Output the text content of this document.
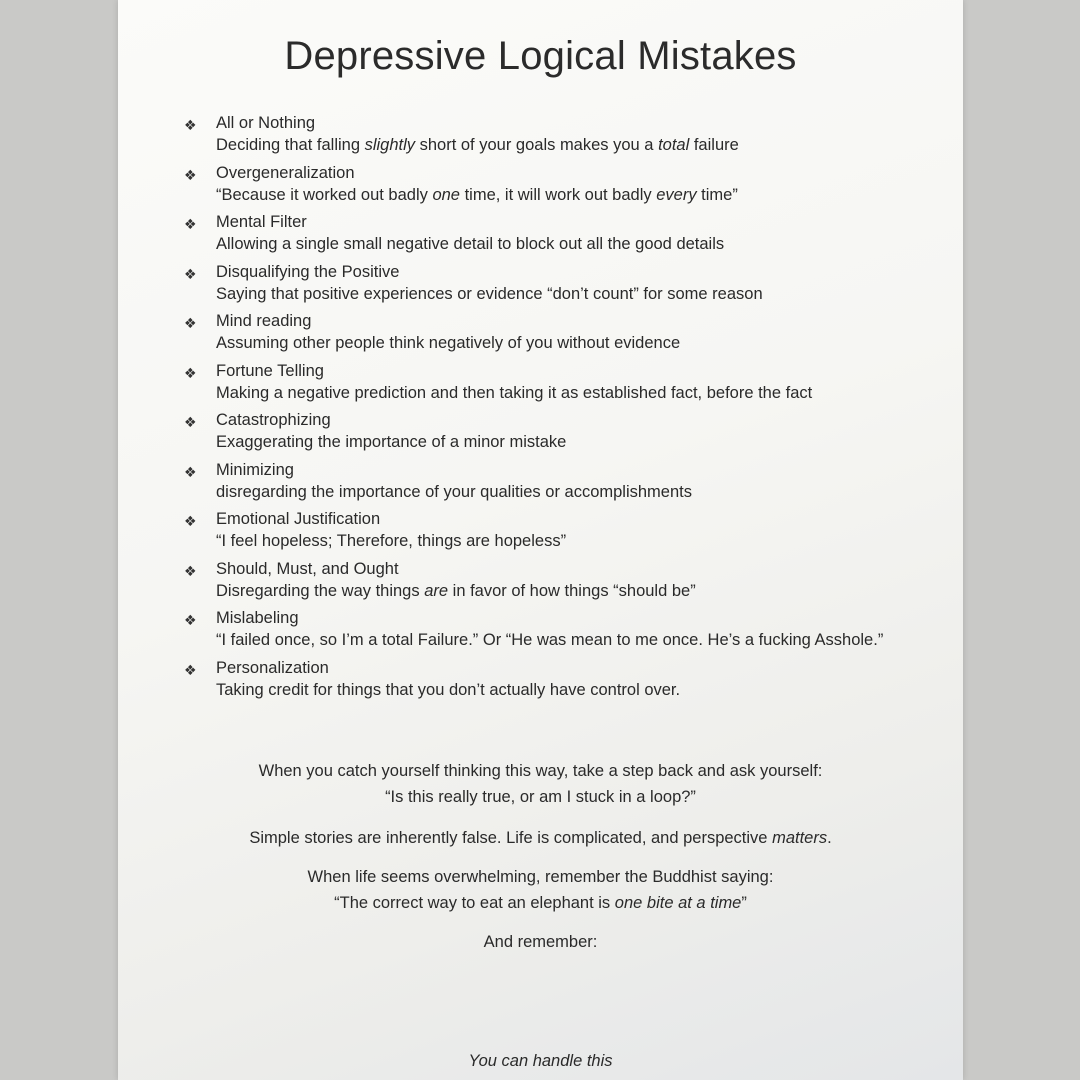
Depressive Logical Mistakes
❖ All or Nothing
Deciding that falling slightly short of your goals makes you a total failure
❖ Overgeneralization
“Because it worked out badly one time, it will work out badly every time”
❖ Mental Filter
Allowing a single small negative detail to block out all the good details
❖ Disqualifying the Positive
Saying that positive experiences or evidence “don’t count” for some reason
❖ Mind reading
Assuming other people think negatively of you without evidence
❖ Fortune Telling
Making a negative prediction and then taking it as established fact, before the fact
❖ Catastrophizing
Exaggerating the importance of a minor mistake
❖ Minimizing
disregarding the importance of your qualities or accomplishments
❖ Emotional Justification
“I feel hopeless; Therefore, things are hopeless”
❖ Should, Must, and Ought
Disregarding the way things are in favor of how things “should be”
❖ Mislabeling
“I failed once, so I’m a total Failure.” Or “He was mean to me once. He’s a fucking Asshole.”
❖ Personalization
Taking credit for things that you don’t actually have control over.
When you catch yourself thinking this way, take a step back and ask yourself:
“Is this really true, or am I stuck in a loop?”
Simple stories are inherently false. Life is complicated, and perspective matters.
When life seems overwhelming, remember the Buddhist saying:
“The correct way to eat an elephant is one bite at a time”
And remember:
You can handle this
